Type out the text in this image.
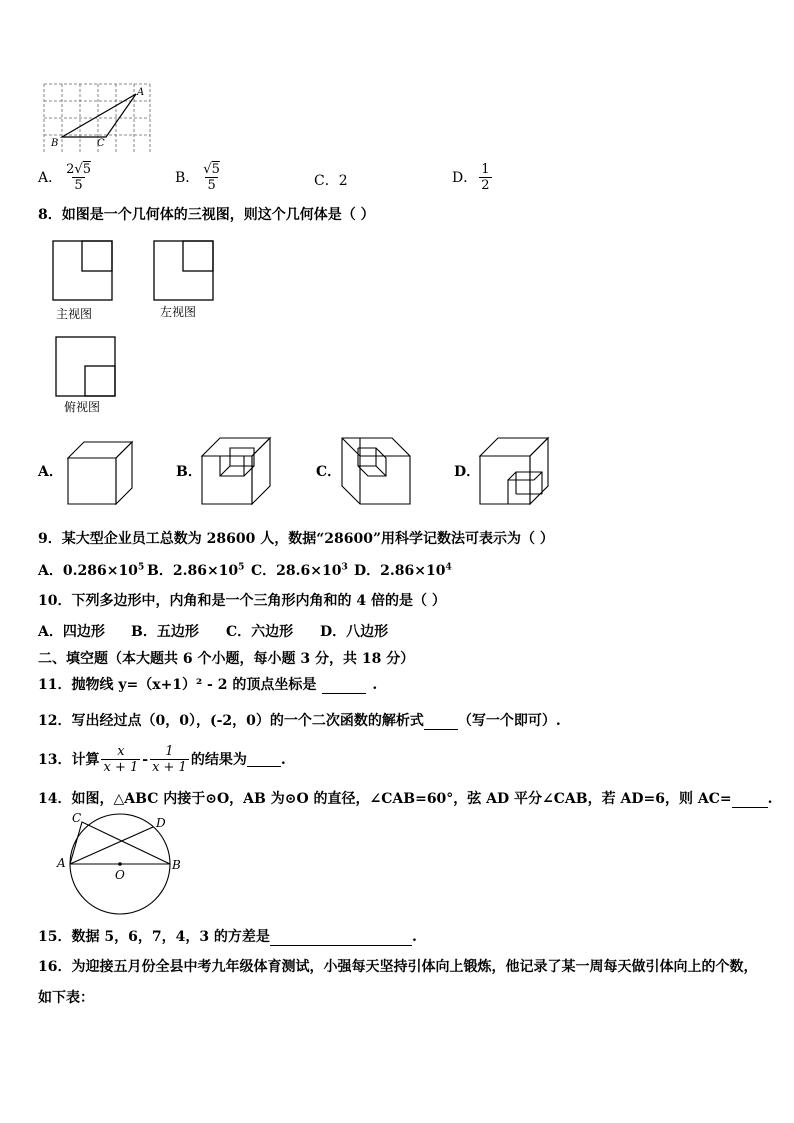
A
B	C
A． $\frac{2√5}{5}$	B． $\frac{√5}{5}$	C．2	D． $\frac{1}{2}$
8．如图是一个几何体的三视图，则这个几何体是（ ）
主视图	左视图
俯视图
A．	B．	C．	D．
9．某大型企业员工总数为 28600 人，数据“28600”用科学记数法可表示为（ ）
A．$0.286\times 10^5$ B．$2.86\times 10^5$ C．$28.6\times 10^3$ D．$2.86\times 10^4$
10．下列多边形中，内角和是一个三角形内角和的 4 倍的是（ ）
A．四边形 B．五边形 C．六边形 D．八边形
二、填空题（本大题共 6 个小题，每小题 3 分，共 18 分）
11．抛物线 y=（x+1）² - 2 的顶点坐标是	.
12．写出经过点（0，0），(-2，0）的一个二次函数的解析式 （写一个即可）.
13．计算 $\frac{x}{x + 1} - \frac{1}{x + 1}$ 的结果为 .
14．如图，△ABC 内接于⊙O，AB 为⊙O 的直径，∠CAB=60°，弦 AD 平分∠CAB，若 AD=6，则 AC=	.
A	B
C	D
O
15．数据 5，6，7，4，3 的方差是	.
16．为迎接五月份全县中考九年级体育测试，小强每天坚持引体向上锻炼，他记录了某一周每天做引体向上的个数，
如下表：
